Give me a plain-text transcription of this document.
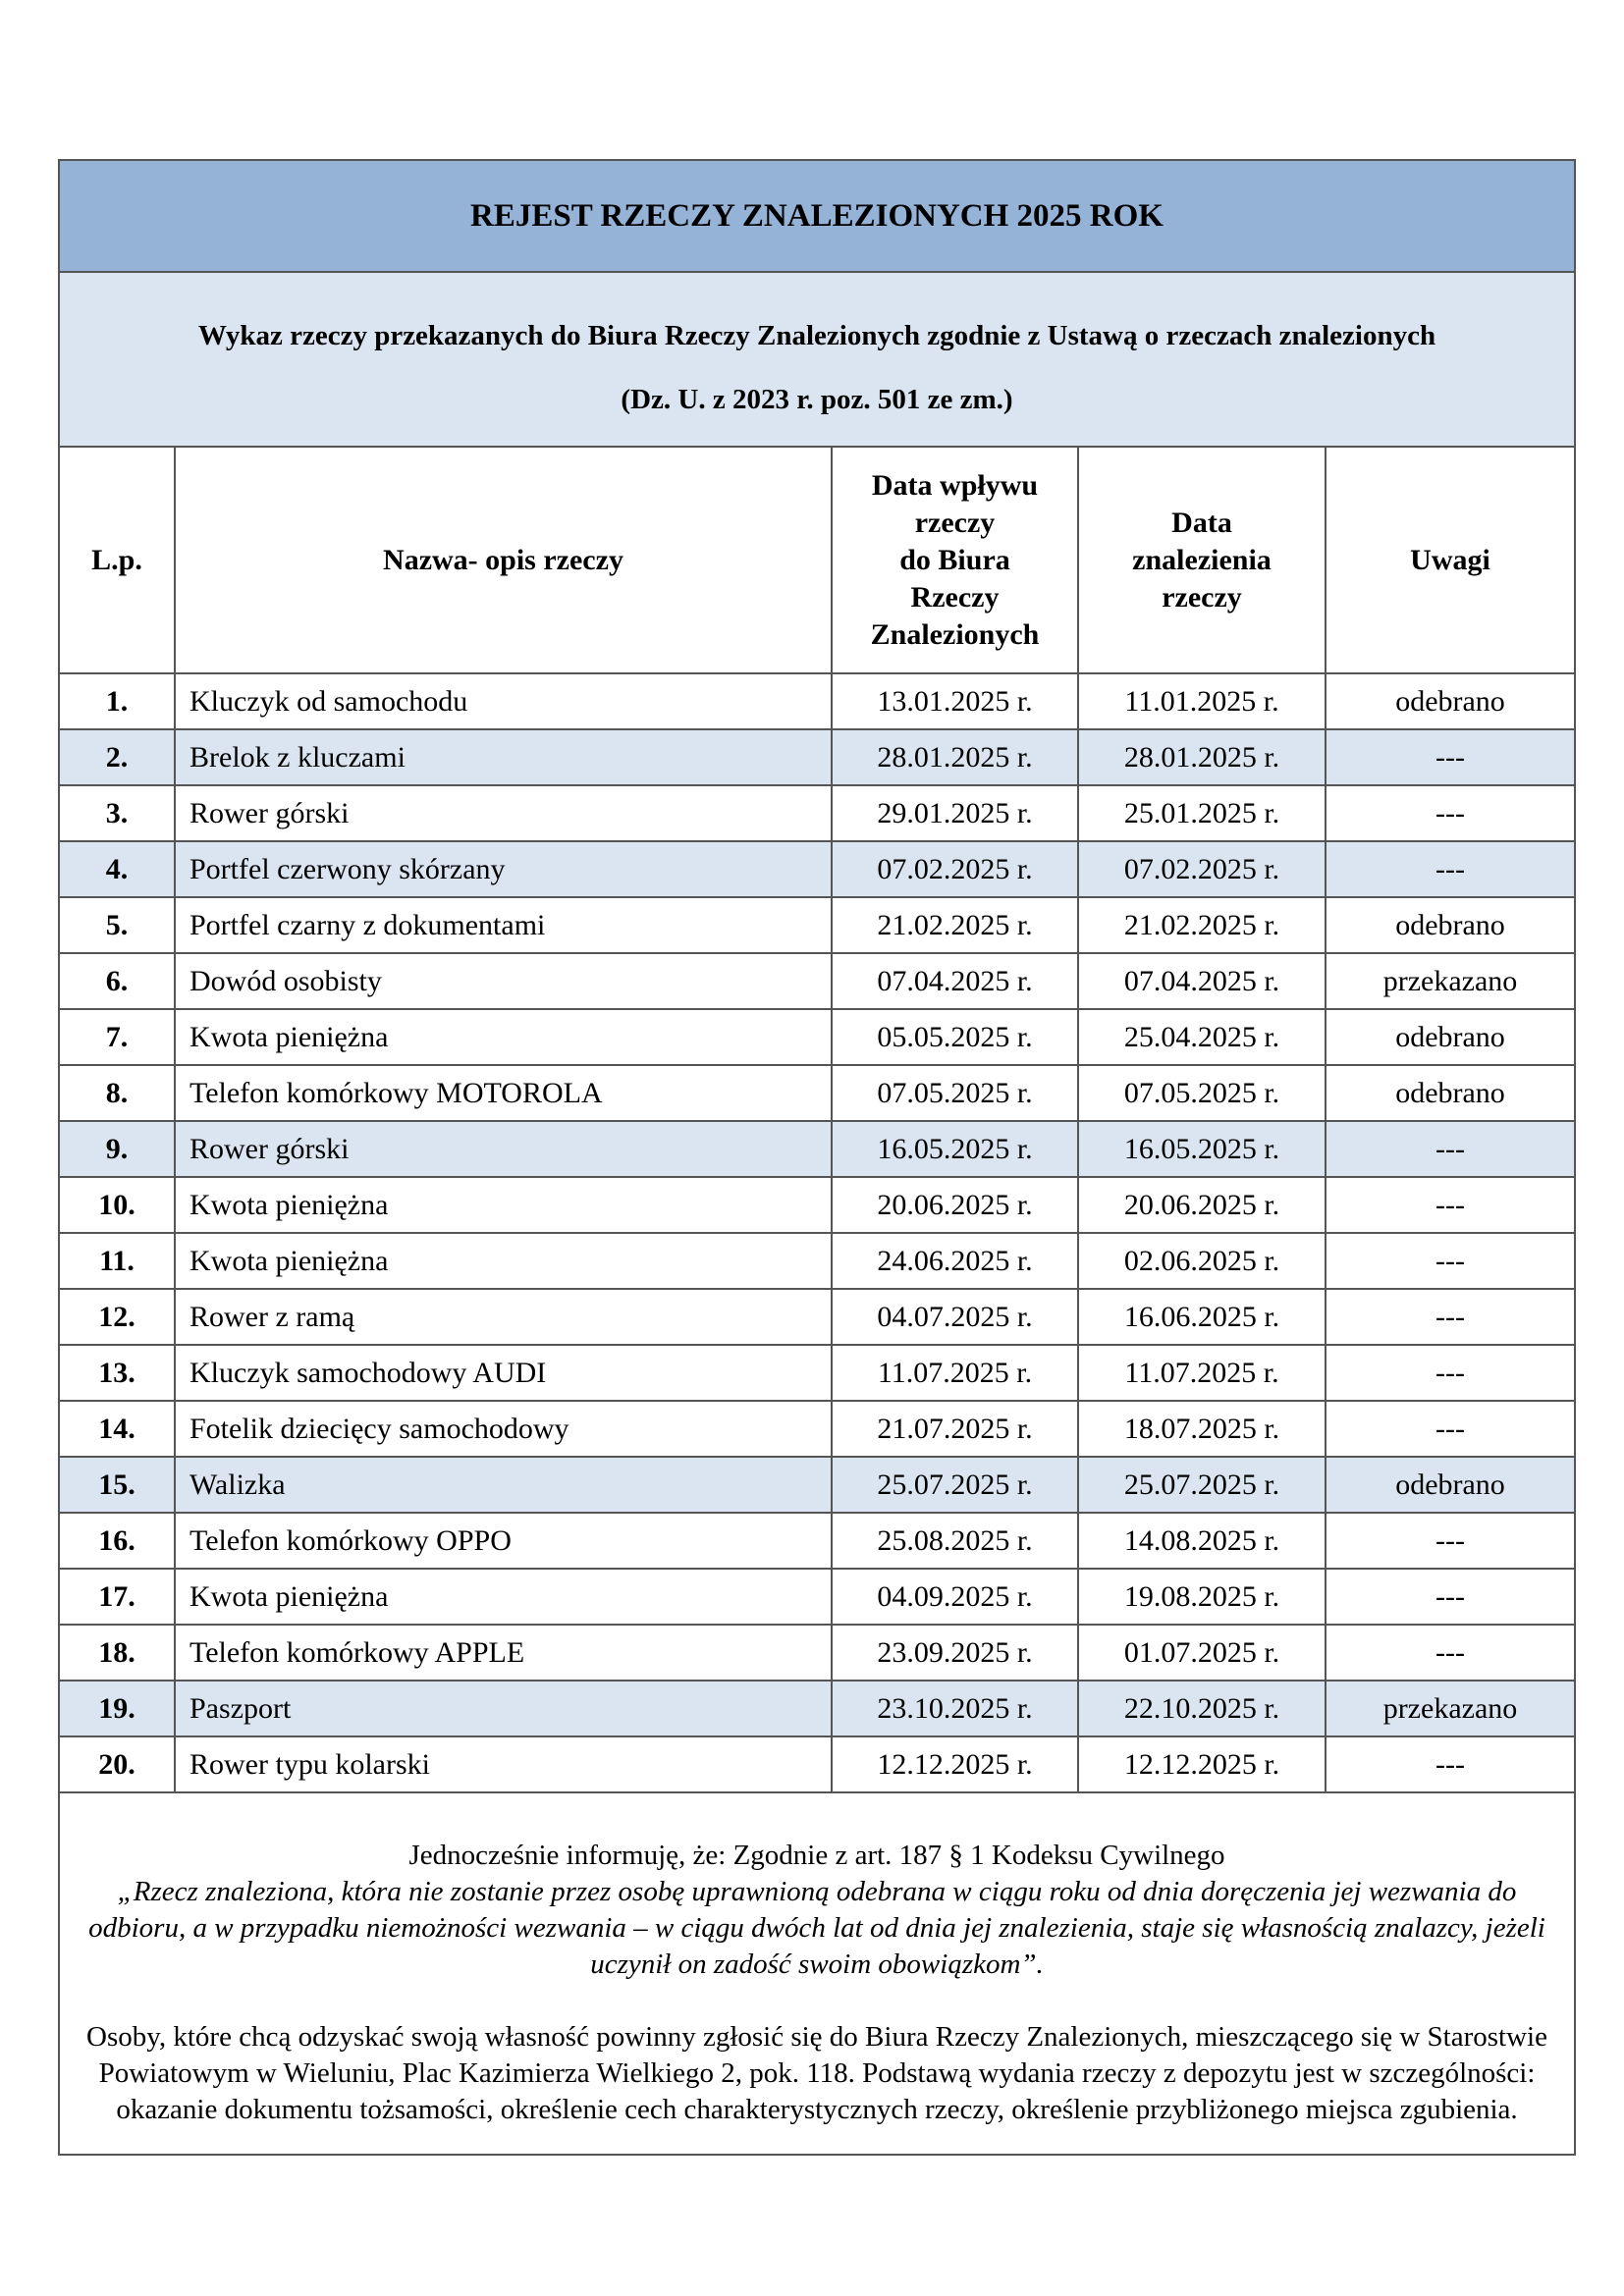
REJEST RZECZY ZNALEZIONYCH 2025 ROK
Wykaz rzeczy przekazanych do Biura Rzeczy Znalezionych zgodnie z Ustawą o rzeczach znalezionych
(Dz. U. z 2023 r. poz. 501 ze zm.)
L.p.	Nazwa- opis rzeczy	Data wpływu
rzeczy
do Biura
Rzeczy
Znalezionych	Data
znalezienia
rzeczy	Uwagi
1.	Kluczyk od samochodu	13.01.2025 r.	11.01.2025 r.	odebrano
2.	Brelok z kluczami	28.01.2025 r.	28.01.2025 r.	---
3.	Rower górski	29.01.2025 r.	25.01.2025 r.	---
4.	Portfel czerwony skórzany	07.02.2025 r.	07.02.2025 r.	---
5.	Portfel czarny z dokumentami	21.02.2025 r.	21.02.2025 r.	odebrano
6.	Dowód osobisty	07.04.2025 r.	07.04.2025 r.	przekazano
7.	Kwota pieniężna	05.05.2025 r.	25.04.2025 r.	odebrano
8.	Telefon komórkowy MOTOROLA	07.05.2025 r.	07.05.2025 r.	odebrano
9.	Rower górski	16.05.2025 r.	16.05.2025 r.	---
10.	Kwota pieniężna	20.06.2025 r.	20.06.2025 r.	---
11.	Kwota pieniężna	24.06.2025 r.	02.06.2025 r.	---
12.	Rower z ramą	04.07.2025 r.	16.06.2025 r.	---
13.	Kluczyk samochodowy AUDI	11.07.2025 r.	11.07.2025 r.	---
14.	Fotelik dziecięcy samochodowy	21.07.2025 r.	18.07.2025 r.	---
15.	Walizka	25.07.2025 r.	25.07.2025 r.	odebrano
16.	Telefon komórkowy OPPO	25.08.2025 r.	14.08.2025 r.	---
17.	Kwota pieniężna	04.09.2025 r.	19.08.2025 r.	---
18.	Telefon komórkowy APPLE	23.09.2025 r.	01.07.2025 r.	---
19.	Paszport	23.10.2025 r.	22.10.2025 r.	przekazano
20.	Rower typu kolarski	12.12.2025 r.	12.12.2025 r.	---
Jednocześnie informuję, że: Zgodnie z art. 187 § 1 Kodeksu Cywilnego
„Rzecz znaleziona, która nie zostanie przez osobę uprawnioną odebrana w ciągu roku od dnia doręczenia jej wezwania do odbioru, a w przypadku niemożności wezwania – w ciągu dwóch lat od dnia jej znalezienia, staje się własnością znalazcy, jeżeli uczynił on zadość swoim obowiązkom”.
Osoby, które chcą odzyskać swoją własność powinny zgłosić się do Biura Rzeczy Znalezionych, mieszczącego się w Starostwie Powiatowym w Wieluniu, Plac Kazimierza Wielkiego 2, pok. 118. Podstawą wydania rzeczy z depozytu jest w szczególności: okazanie dokumentu tożsamości, określenie cech charakterystycznych rzeczy, określenie przybliżonego miejsca zgubienia.
